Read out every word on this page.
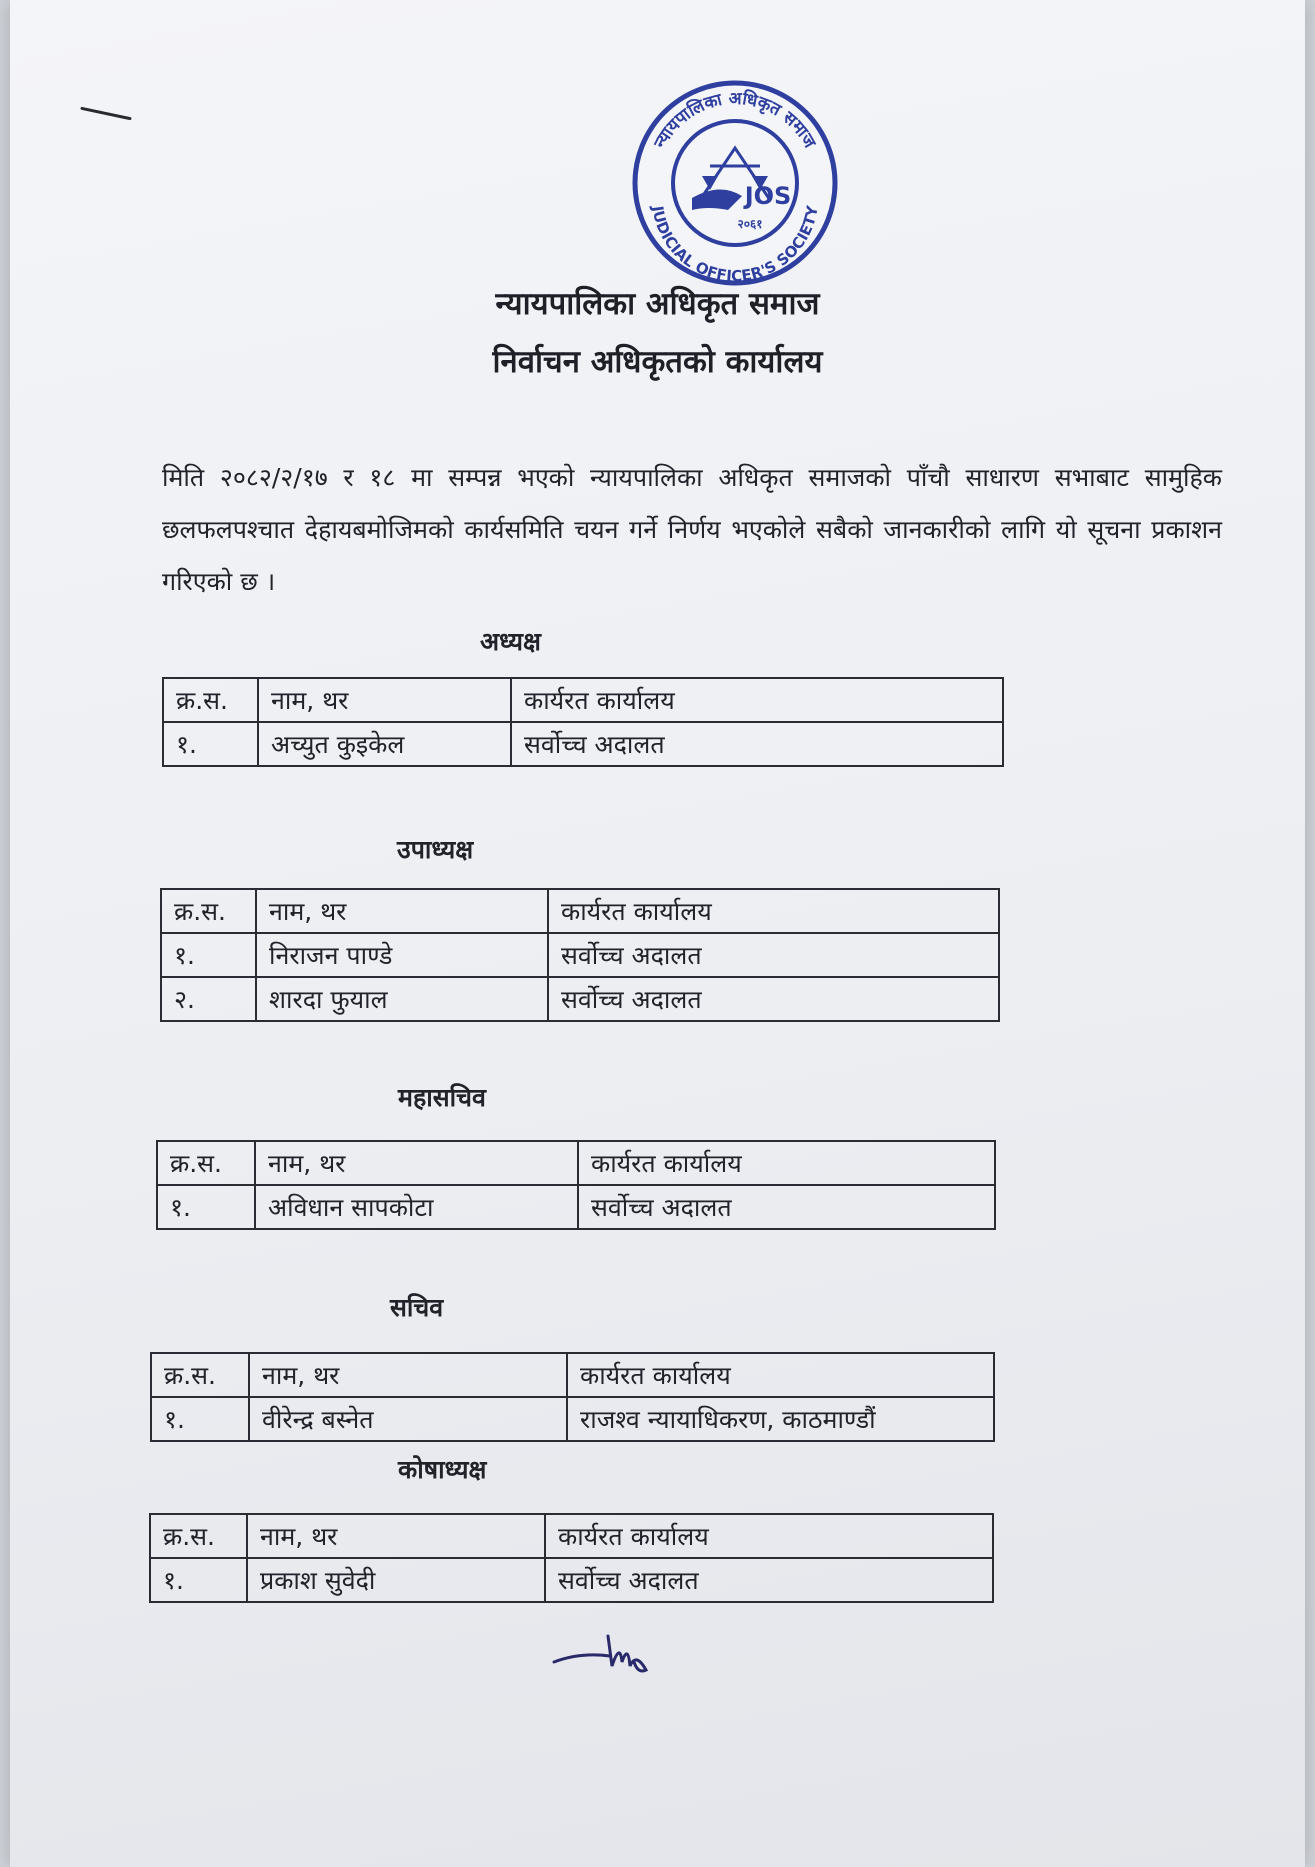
न्यायपालिका अधिकृत समाज
JUDICIAL OFFICER'S SOCIETY
JOS
२०६१
न्यायपालिका अधिकृत समाज
निर्वाचन अधिकृतको कार्यालय
मिति २०८२/२/१७ र १८ मा सम्पन्न भएको न्यायपालिका अधिकृत समाजको पाँचौ साधारण सभाबाट सामुहिक छलफलपश्चात देहायबमोजिमको कार्यसमिति चयन गर्ने निर्णय भएकोले सबैको जानकारीको लागि यो सूचना प्रकाशन गरिएको छ ।
अध्यक्ष
क्र.स.	नाम, थर	कार्यरत कार्यालय
१.	अच्युत कुइकेल	सर्वोच्च अदालत
उपाध्यक्ष
क्र.स.	नाम, थर	कार्यरत कार्यालय
१.	निराजन पाण्डे	सर्वोच्च अदालत
२.	शारदा फुयाल	सर्वोच्च अदालत
महासचिव
क्र.स.	नाम, थर	कार्यरत कार्यालय
१.	अविधान सापकोटा	सर्वोच्च अदालत
सचिव
क्र.स.	नाम, थर	कार्यरत कार्यालय
१.	वीरेन्द्र बस्नेत	राजश्व न्यायाधिकरण, काठमाण्डौं
कोषाध्यक्ष
क्र.स.	नाम, थर	कार्यरत कार्यालय
१.	प्रकाश सुवेदी	सर्वोच्च अदालत
